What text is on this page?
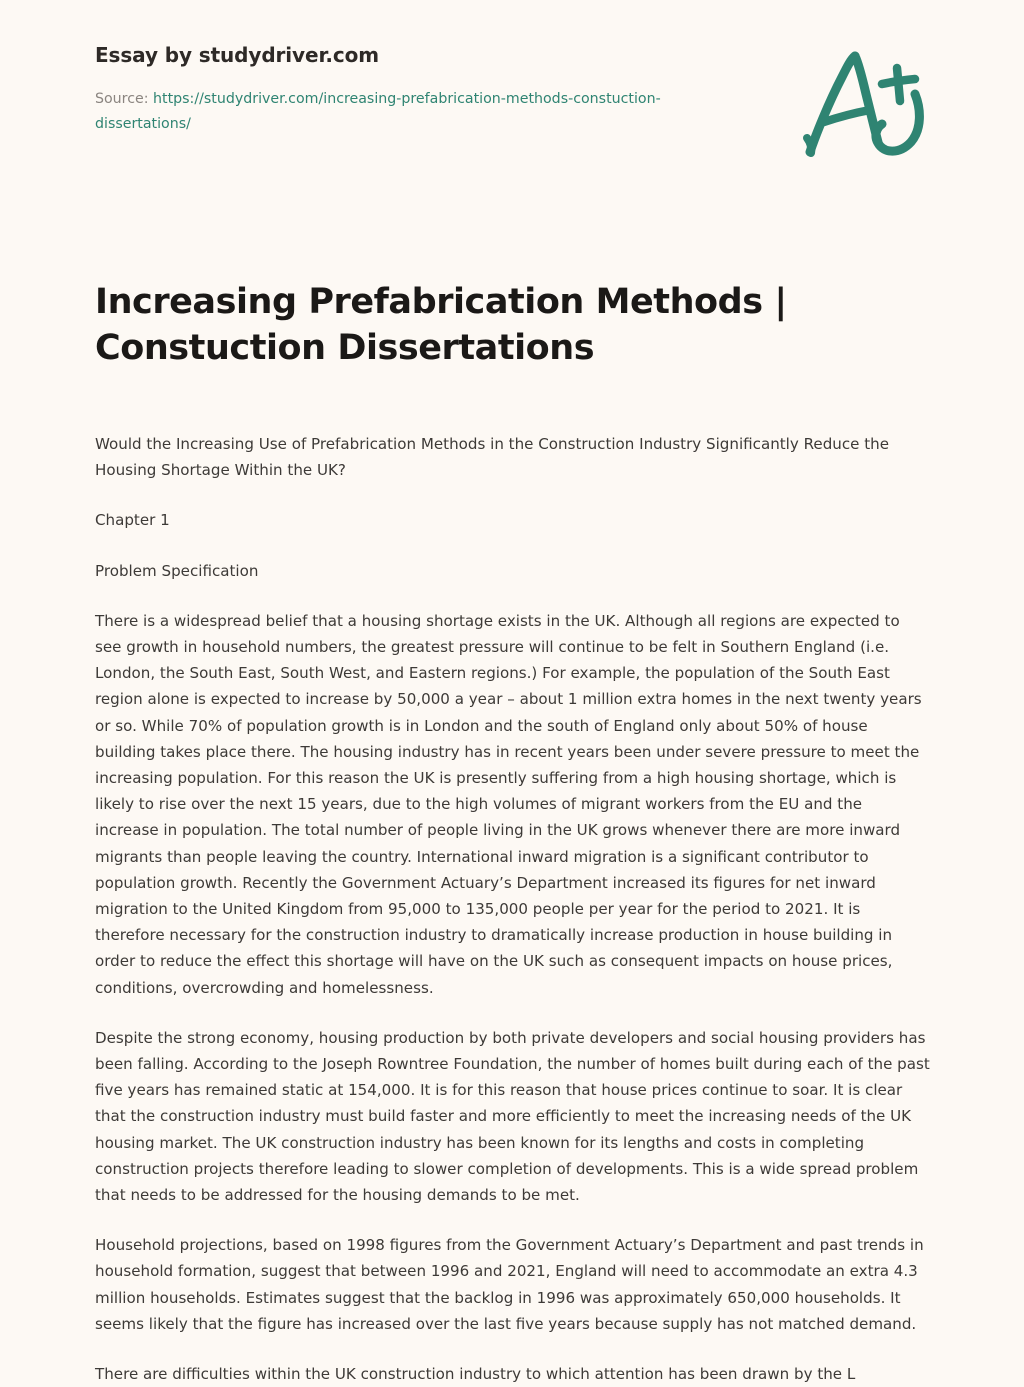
Essay by studydriver.com
Source: https://studydriver.com/increasing-prefabrication-methods-constuction-dissertations/
Increasing Prefabrication Methods | Constuction Dissertations

Would the Increasing Use of Prefabrication Methods in the Construction Industry Significantly Reduce the Housing Shortage Within the UK?

Chapter 1

Problem Specification

There is a widespread belief that a housing shortage exists in the UK. Although all regions are expected to see growth in household numbers, the greatest pressure will continue to be felt in Southern England (i.e. London, the South East, South West, and Eastern regions.) For example, the population of the South East region alone is expected to increase by 50,000 a year – about 1 million extra homes in the next twenty years or so. While 70% of population growth is in London and the south of England only about 50% of house building takes place there. The housing industry has in recent years been under severe pressure to meet the increasing population. For this reason the UK is presently suffering from a high housing shortage, which is likely to rise over the next 15 years, due to the high volumes of migrant workers from the EU and the increase in population. The total number of people living in the UK grows whenever there are more inward migrants than people leaving the country. International inward migration is a significant contributor to population growth. Recently the Government Actuary’s Department increased its figures for net inward migration to the United Kingdom from 95,000 to 135,000 people per year for the period to 2021. It is therefore necessary for the construction industry to dramatically increase production in house building in order to reduce the effect this shortage will have on the UK such as consequent impacts on house prices, conditions, overcrowding and homelessness.

Despite the strong economy, housing production by both private developers and social housing providers has been falling. According to the Joseph Rowntree Foundation, the number of homes built during each of the past five years has remained static at 154,000. It is for this reason that house prices continue to soar. It is clear that the construction industry must build faster and more efficiently to meet the increasing needs of the UK housing market. The UK construction industry has been known for its lengths and costs in completing construction projects therefore leading to slower completion of developments. This is a wide spread problem that needs to be addressed for the housing demands to be met.

Household projections, based on 1998 figures from the Government Actuary’s Department and past trends in household formation, suggest that between 1996 and 2021, England will need to accommodate an extra 4.3 million households. Estimates suggest that the backlog in 1996 was approximately 650,000 households. It seems likely that the figure has increased over the last five years because supply has not matched demand.

There are difficulties within the UK construction industry to which attention has been drawn by the L
